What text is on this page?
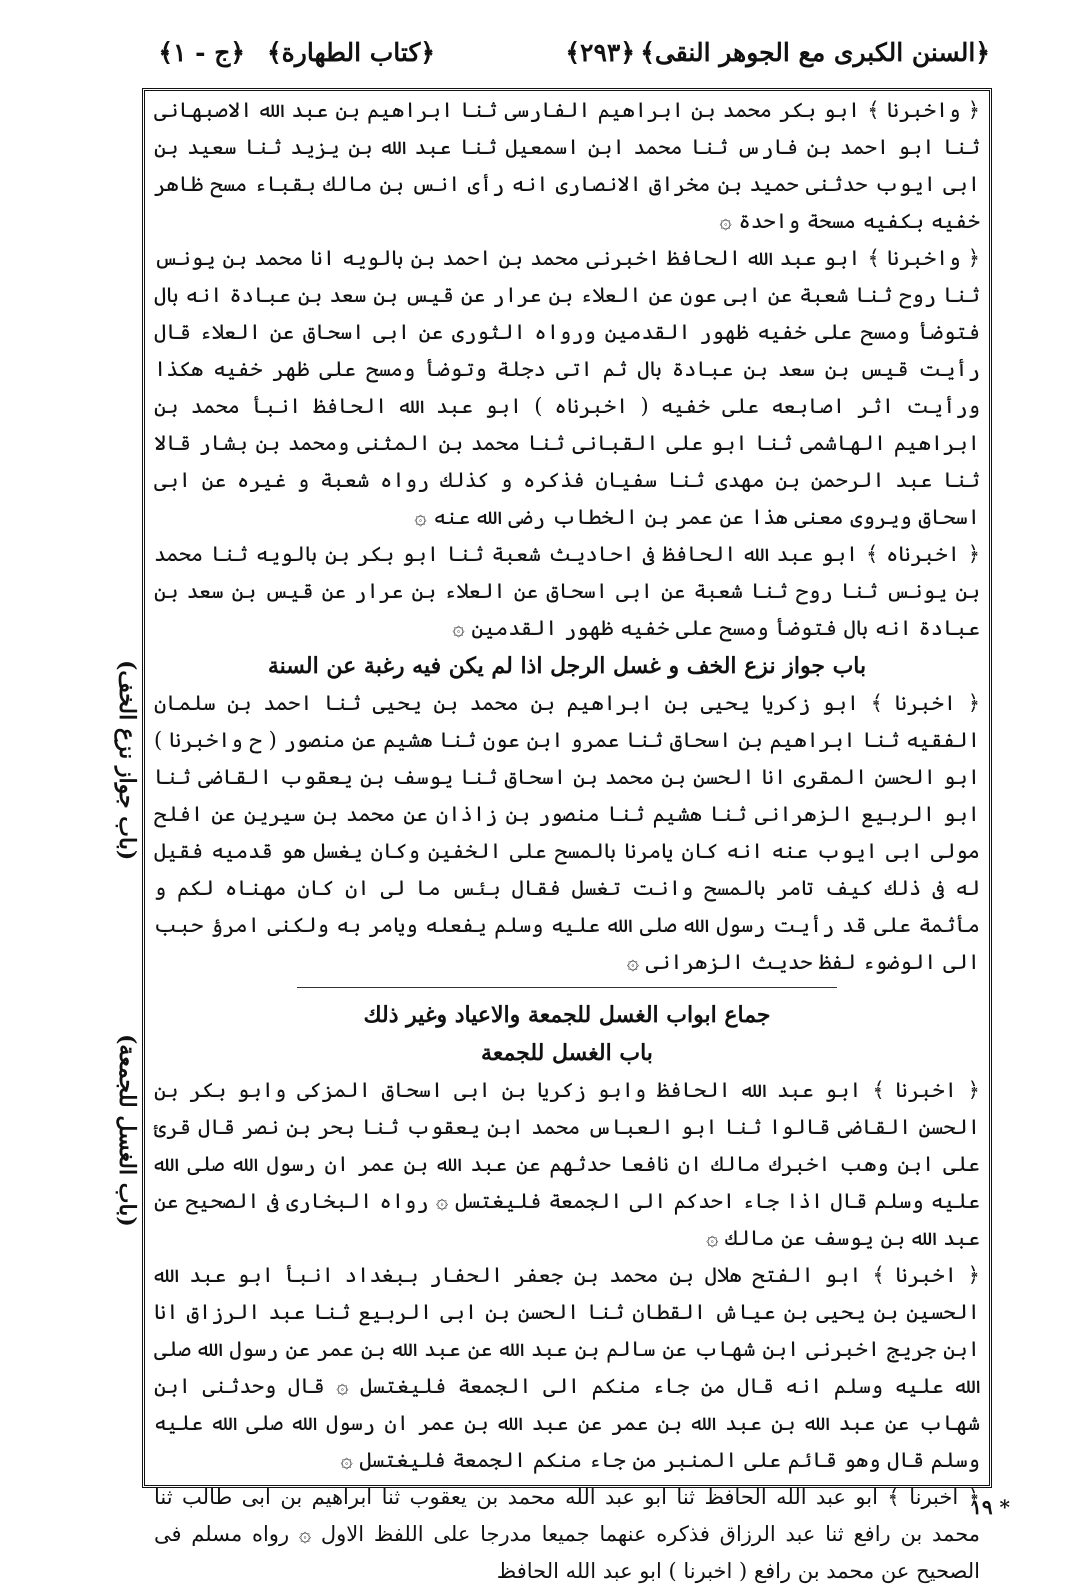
﴿السنن الكبرى مع الجوهر النقى﴾
﴿٢٩٣﴾
﴿كتاب الطهارة﴾
﴿ج - ١﴾

﴿ واخبرنا ﴾ ابو بكر محمد بن ابراهيم الفارسى ثنا ابراهيم بن عبد الله الاصبهانى ثنا ابو احمد بن فارس ثنا محمد ابن اسمعيل ثنا عبد الله بن يزيد ثنا سعيد بن ابى ايوب حدثنى حميد بن مخراق الانصارى انه رأى انس بن مالك بقباء مسح ظاهر خفيه بكفيه مسحة واحدة ۞

﴿ واخبرنا ﴾ ابو عبد الله الحافظ اخبرنى محمد بن احمد بن بالويه انا محمد بن يونس ثنا روح ثنا شعبة عن ابى عون عن العلاء بن عرار عن قيس بن سعد بن عبادة انه بال فتوضأ ومسح على خفيه ظهور القدمين ورواه الثورى عن ابى اسحاق عن العلاء قال رأيت قيس بن سعد بن عبادة بال ثم اتى دجلة وتوضأ ومسح على ظهر خفيه هكذا ورأيت اثر اصابعه على خفيه ( اخبرناه ) ابو عبد الله الحافظ انبأ محمد بن ابراهيم الهاشمى ثنا ابو على القبانى ثنا محمد بن المثنى ومحمد بن بشار قالا ثنا عبد الرحمن بن مهدى ثنا سفيان فذكره و كذلك رواه شعبة و غيره عن ابى اسحاق ويروى معنى هذا عن عمر بن الخطاب رضى الله عنه ۞

﴿ اخبرناه ﴾ ابو عبد الله الحافظ فى احاديث شعبة ثنا ابو بكر بن بالويه ثنا محمد بن يونس ثنا روح ثنا شعبة عن ابى اسحاق عن العلاء بن عرار عن قيس بن سعد بن عبادة انه بال فتوضأ ومسح على خفيه ظهور القدمين ۞

باب جواز نزع الخف و غسل الرجل اذا لم يكن فيه رغبة عن السنة

﴿ اخبرنا ﴾ ابو زكريا يحيى بن ابراهيم بن محمد بن يحيى ثنا احمد بن سلمان الفقيه ثنا ابراهيم بن اسحاق ثنا عمرو ابن عون ثنا هشيم عن منصور ( ح واخبرنا ) ابو الحسن المقرى انا الحسن بن محمد بن اسحاق ثنا يوسف بن يعقوب القاضى ثنا ابو الربيع الزهرانى ثنا هشيم ثنا منصور بن زاذان عن محمد بن سيرين عن افلح مولى ابى ايوب عنه انه كان يامرنا بالمسح على الخفين وكان يغسل هو قدميه فقيل له فى ذلك كيف تامر بالمسح وانت تغسل فقال بئس ما لى ان كان مهناه لكم و مأثمة على قد رأيت رسول الله صلى الله عليه وسلم يفعله ويامر به ولكنى امرؤ حبب الى الوضوء لفظ حديث الزهرانى ۞

جماع ابواب الغسل للجمعة والاعياد وغير ذلك
باب الغسل للجمعة

﴿ اخبرنا ﴾ ابو عبد الله الحافظ وابو زكريا بن ابى اسحاق المزكى وابو بكر بن الحسن القاضى قالوا ثنا ابو العباس محمد ابن يعقوب ثنا بحر بن نصر قال قرئ على ابن وهب اخبرك مالك ان نافعا حدثهم عن عبد الله بن عمر ان رسول الله صلى الله عليه وسلم قال اذا جاء احدكم الى الجمعة فليغتسل ۞ رواه البخارى فى الصحيح عن عبد الله بن يوسف عن مالك ۞

﴿ اخبرنا ﴾ ابو الفتح هلال بن محمد بن جعفر الحفار ببغداد انبأ ابو عبد الله الحسين بن يحيى بن عياش القطان ثنا الحسن بن ابى الربيع ثنا عبد الرزاق انا ابن جريج اخبرنى ابن شهاب عن سالم بن عبد الله عن عبد الله بن عمر عن رسول الله صلى الله عليه وسلم انه قال من جاء منكم الى الجمعة فليغتسل ۞ قال وحدثنى ابن شهاب عن عبد الله بن عبد الله بن عمر عن عبد الله بن عمر ان رسول الله صلى الله عليه وسلم قال وهو قائم على المنبر من جاء منكم الجمعة فليغتسل ۞

﴿ اخبرنا ﴾ ابو عبد الله الحافظ ثنا ابو عبد الله محمد بن يعقوب ثنا ابراهيم بن ابى طالب ثنا محمد بن رافع ثنا عبد الرزاق فذكره عنهما جميعا مدرجا على اللفظ الاول ۞ رواه مسلم فى الصحيح عن محمد بن رافع ( اخبرنا ) ابو عبد الله الحافظ

(باب جواز نزع الخف)
(باب الغسل للجمعة)
* ١٩
